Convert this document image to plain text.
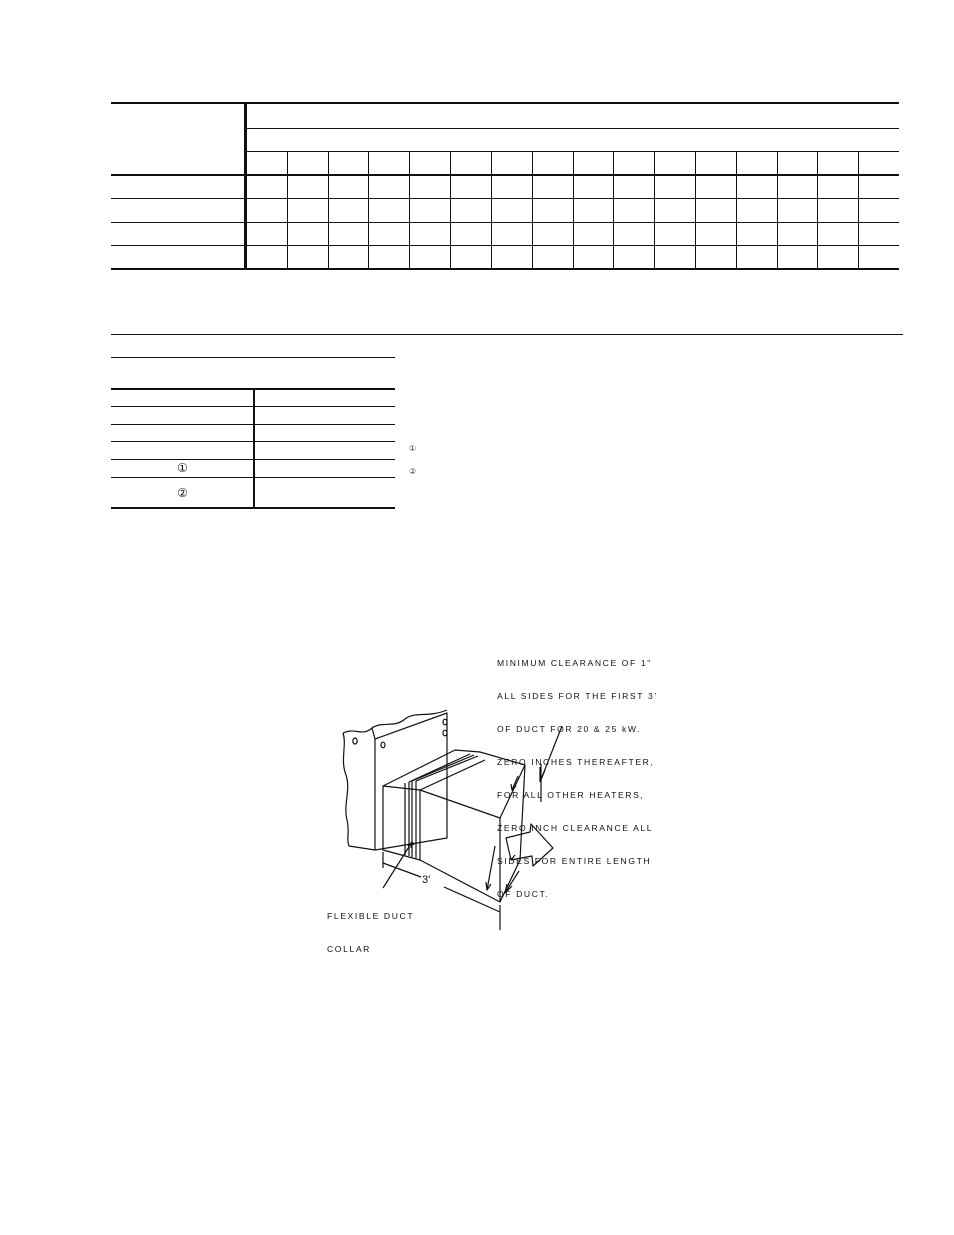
①
②
①
②

MINIMUM CLEARANCE OF 1"

ALL SIDES FOR THE FIRST 3'

OF DUCT FOR 20 & 25 kW.

ZERO INCHES THEREAFTER,

FOR ALL OTHER HEATERS,

ZERO INCH CLEARANCE ALL

SIDES FOR ENTIRE LENGTH

OF DUCT.

FLEXIBLE DUCT

COLLAR

3'
